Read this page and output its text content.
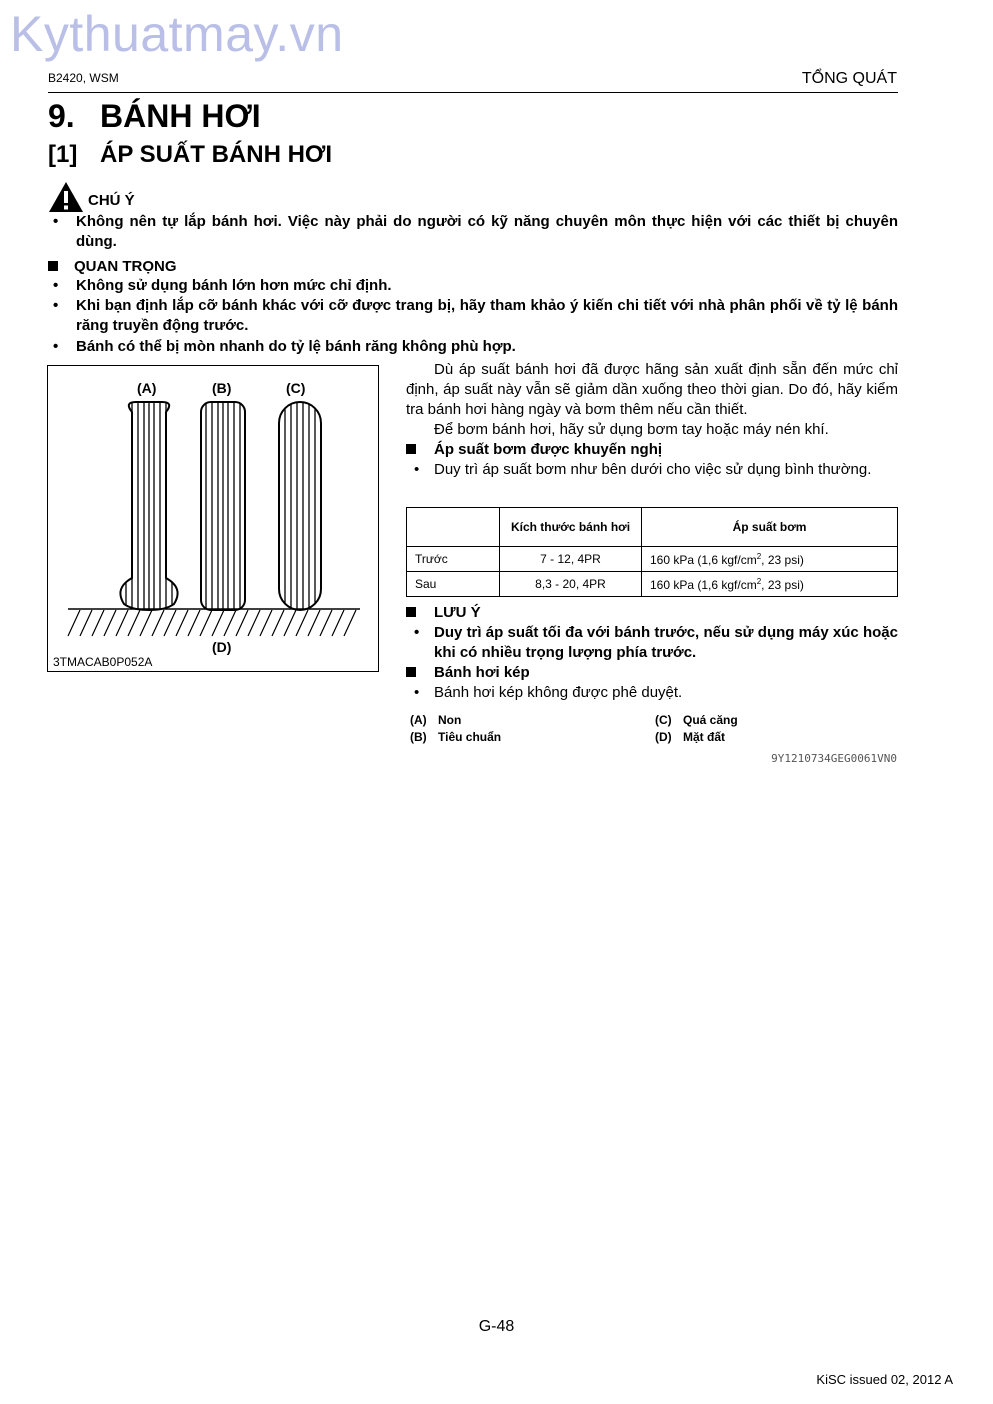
Kythuatmay.vn
B2420, WSM	TỔNG QUÁT
9. BÁNH HƠI
[1] ÁP SUẤT BÁNH HƠI
CHÚ Ý
• Không nên tự lắp bánh hơi. Việc này phải do người có kỹ năng chuyên môn thực hiện với các thiết bị chuyên dùng.
QUAN TRỌNG
• Không sử dụng bánh lớn hơn mức chỉ định.
• Khi bạn định lắp cỡ bánh khác với cỡ được trang bị, hãy tham khảo ý kiến chi tiết với nhà phân phối về tỷ lệ bánh răng truyền động trước.
• Bánh có thể bị mòn nhanh do tỷ lệ bánh răng không phù hợp.
(A)	(B)	(C)
(D)
3TMACAB0P052A
Dù áp suất bánh hơi đã được hãng sản xuất định sẵn đến mức chỉ định, áp suất này vẫn sẽ giảm dần xuống theo thời gian. Do đó, hãy kiểm tra bánh hơi hàng ngày và bơm thêm nếu cần thiết.
Để bơm bánh hơi, hãy sử dụng bơm tay hoặc máy nén khí.
Áp suất bơm được khuyến nghị
• Duy trì áp suất bơm như bên dưới cho việc sử dụng bình thường.
	Kích thước bánh hơi	Áp suất bơm
Trước	7 - 12, 4PR	160 kPa (1,6 kgf/$cm^2$, 23 psi)
Sau	8,3 - 20, 4PR	160 kPa (1,6 kgf/$cm^2$, 23 psi)
LƯU Ý
• Duy trì áp suất tối đa với bánh trước, nếu sử dụng máy xúc hoặc khi có nhiều trọng lượng phía trước.
Bánh hơi kép
• Bánh hơi kép không được phê duyệt.
(A) Non
(B) Tiêu chuẩn
(C) Quá căng
(D) Mặt đất
9Y1210734GEG0061VN0
G-48
KiSC issued 02, 2012 A
